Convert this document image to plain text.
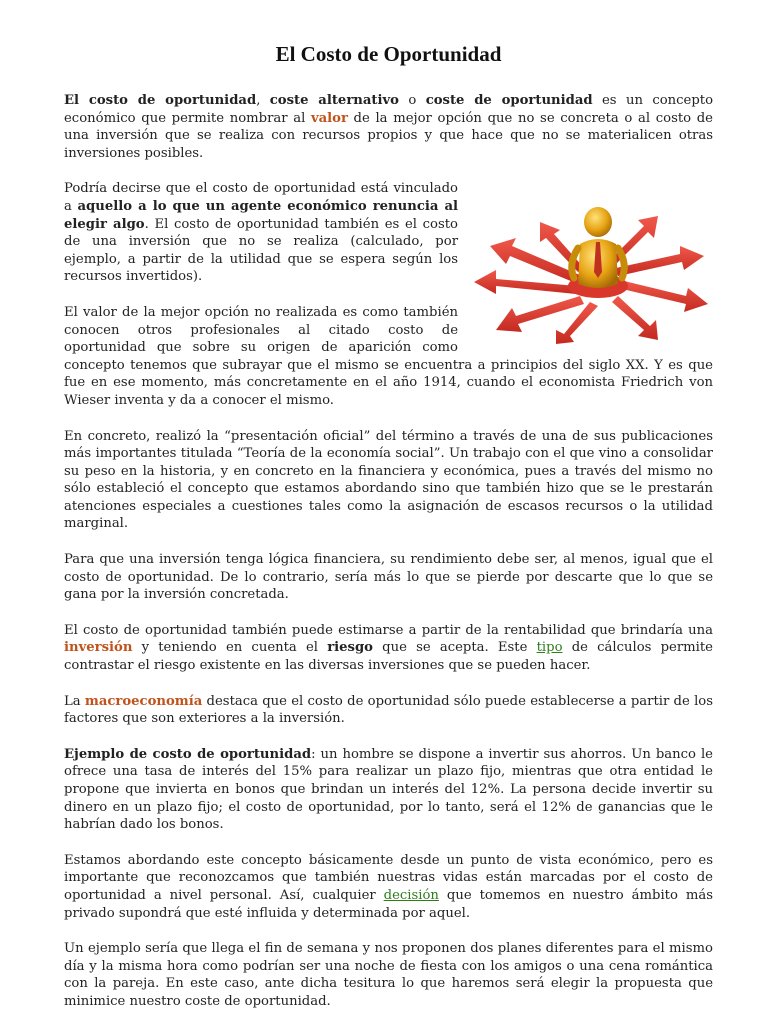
El Costo de Oportunidad

El costo de oportunidad, coste alternativo o coste de oportunidad es un concepto económico que permite nombrar al valor de la mejor opción que no se concreta o al costo de una inversión que se realiza con recursos propios y que hace que no se materialicen otras inversiones posibles.

Podría decirse que el costo de oportunidad está vinculado a aquello a lo que un agente económico renuncia al elegir algo. El costo de oportunidad también es el costo de una inversión que no se realiza (calculado, por ejemplo, a partir de la utilidad que se espera según los recursos invertidos).

El valor de la mejor opción no realizada es como también conocen otros profesionales al citado costo de oportunidad que sobre su origen de aparición como concepto tenemos que subrayar que el mismo se encuentra a principios del siglo XX. Y es que fue en ese momento, más concretamente en el año 1914, cuando el economista Friedrich von Wieser inventa y da a conocer el mismo.

En concreto, realizó la “presentación oficial” del término a través de una de sus publicaciones más importantes titulada “Teoría de la economía social”. Un trabajo con el que vino a consolidar su peso en la historia, y en concreto en la financiera y económica, pues a través del mismo no sólo estableció el concepto que estamos abordando sino que también hizo que se le prestarán atenciones especiales a cuestiones tales como la asignación de escasos recursos o la utilidad marginal.

Para que una inversión tenga lógica financiera, su rendimiento debe ser, al menos, igual que el costo de oportunidad. De lo contrario, sería más lo que se pierde por descarte que lo que se gana por la inversión concretada.

El costo de oportunidad también puede estimarse a partir de la rentabilidad que brindaría una inversión y teniendo en cuenta el riesgo que se acepta. Este tipo de cálculos permite contrastar el riesgo existente en las diversas inversiones que se pueden hacer.

La macroeconomía destaca que el costo de oportunidad sólo puede establecerse a partir de los factores que son exteriores a la inversión.

Ejemplo de costo de oportunidad: un hombre se dispone a invertir sus ahorros. Un banco le ofrece una tasa de interés del 15% para realizar un plazo fijo, mientras que otra entidad le propone que invierta en bonos que brindan un interés del 12%. La persona decide invertir su dinero en un plazo fijo; el costo de oportunidad, por lo tanto, será el 12% de ganancias que le habrían dado los bonos.

Estamos abordando este concepto básicamente desde un punto de vista económico, pero es importante que reconozcamos que también nuestras vidas están marcadas por el costo de oportunidad a nivel personal. Así, cualquier decisión que tomemos en nuestro ámbito más privado supondrá que esté influida y determinada por aquel.

Un ejemplo sería que llega el fin de semana y nos proponen dos planes diferentes para el mismo día y la misma hora como podrían ser una noche de fiesta con los amigos o una cena romántica con la pareja. En este caso, ante dicha tesitura lo que haremos será elegir la propuesta que minimice nuestro coste de oportunidad.
